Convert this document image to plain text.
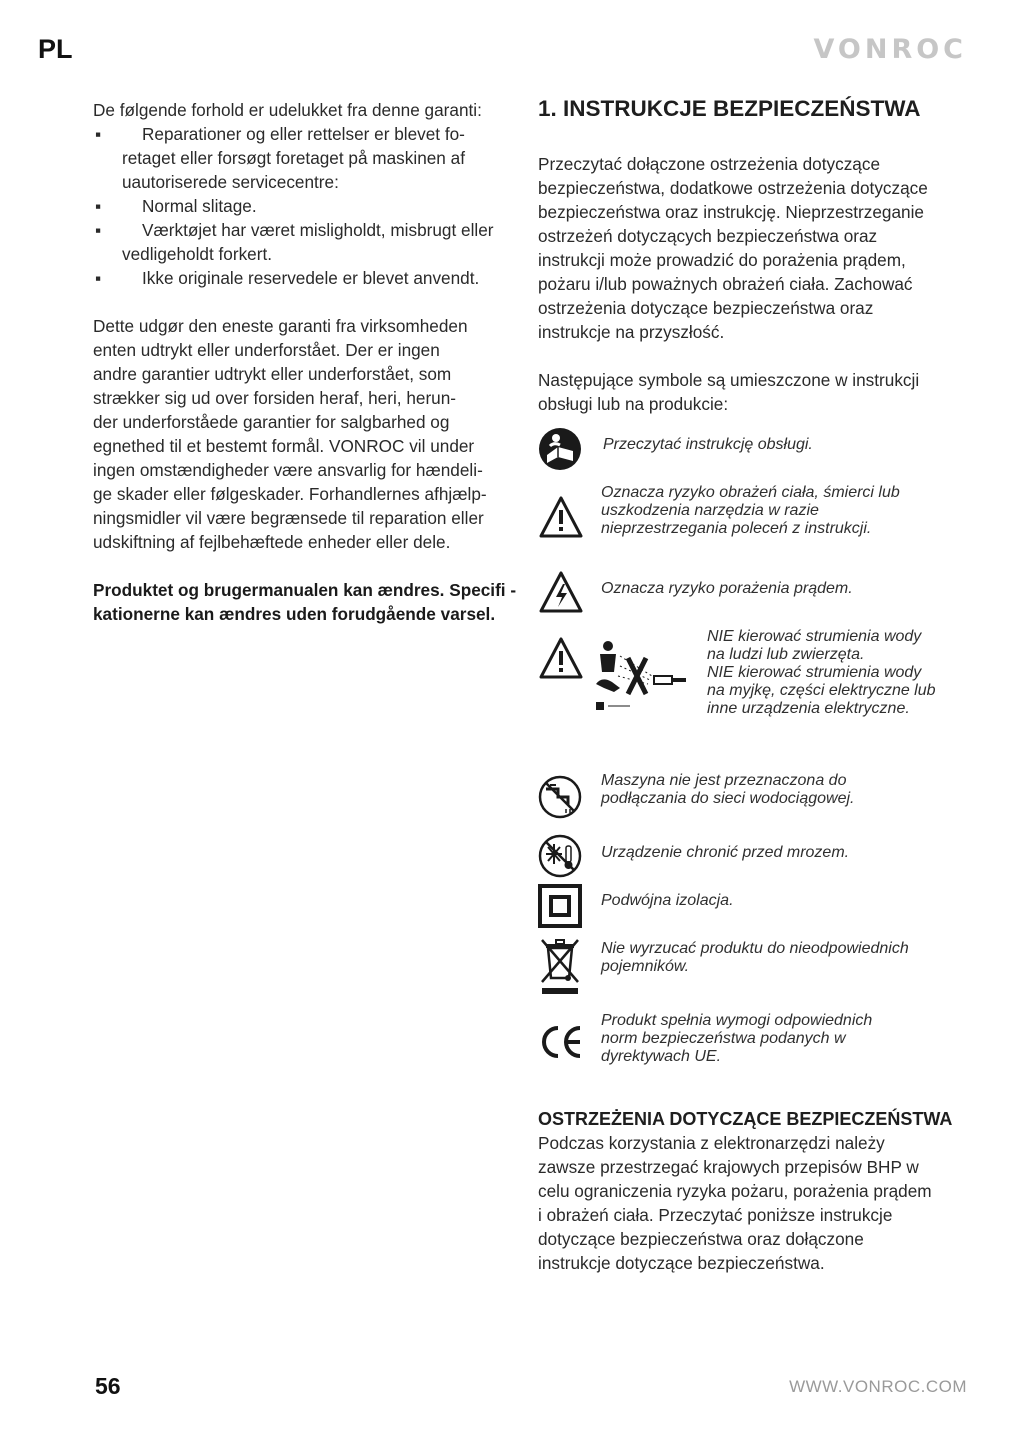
PL	VONROC

De følgende forhold er udelukket fra denne garanti:

▪ Reparationer og eller rettelser er blevet fo-
retaget eller forsøgt foretaget på maskinen af
uautoriserede servicecentre:
▪ Normal slitage.
▪ Værktøjet har været misligholdt, misbrugt eller
vedligeholdt forkert.
▪ Ikke originale reservedele er blevet anvendt.

Dette udgør den eneste garanti fra virksomheden

enten udtrykt eller underforstået. Der er ingen

andre garantier udtrykt eller underforstået, som

strækker sig ud over forsiden heraf, heri, herun-

der underforståede garantier for salgbarhed og

egnethed til et bestemt formål. VONROC vil under

ingen omstændigheder være ansvarlig for hændeli-

ge skader eller følgeskader. Forhandlernes afhjælp-

ningsmidler vil være begrænsede til reparation eller

udskiftning af fejlbehæftede enheder eller dele.

Produktet og brugermanualen kan ændres. Specifi -

kationerne kan ændres uden forudgående varsel.

1. INSTRUKCJE BEZPIECZEŃSTWA

Przeczytać dołączone ostrzeżenia dotyczące

bezpieczeństwa, dodatkowe ostrzeżenia dotyczące

bezpieczeństwa oraz instrukcję. Nieprzestrzeganie

ostrzeżeń dotyczących bezpieczeństwa oraz

instrukcji może prowadzić do porażenia prądem,

pożaru i/lub poważnych obrażeń ciała. Zachować

ostrzeżenia dotyczące bezpieczeństwa oraz

instrukcje na przyszłość.

Następujące symbole są umieszczone w instrukcji

obsługi lub na produkcie:

Przeczytać instrukcję obsługi.
Oznacza ryzyko obrażeń ciała, śmierci lub
uszkodzenia narzędzia w razie
nieprzestrzegania poleceń z instrukcji.
Oznacza ryzyko porażenia prądem.
NIE kierować strumienia wody
na ludzi lub zwierzęta.
NIE kierować strumienia wody
na myjkę, części elektryczne lub
inne urządzenia elektryczne.
Maszyna nie jest przeznaczona do
podłączania do sieci wodociągowej.
Urządzenie chronić przed mrozem.
Podwójna izolacja.
Nie wyrzucać produktu do nieodpowiednich
pojemników.
Produkt spełnia wymogi odpowiednich
norm bezpieczeństwa podanych w
dyrektywach UE.
OSTRZEŻENIA DOTYCZĄCE BEZPIECZEŃSTWA
Podczas korzystania z elektronarzędzi należy
zawsze przestrzegać krajowych przepisów BHP w
celu ograniczenia ryzyka pożaru, porażenia prądem
i obrażeń ciała. Przeczytać poniższe instrukcje
dotyczące bezpieczeństwa oraz dołączone
instrukcje dotyczące bezpieczeństwa.
56	WWW.VONROC.COM
